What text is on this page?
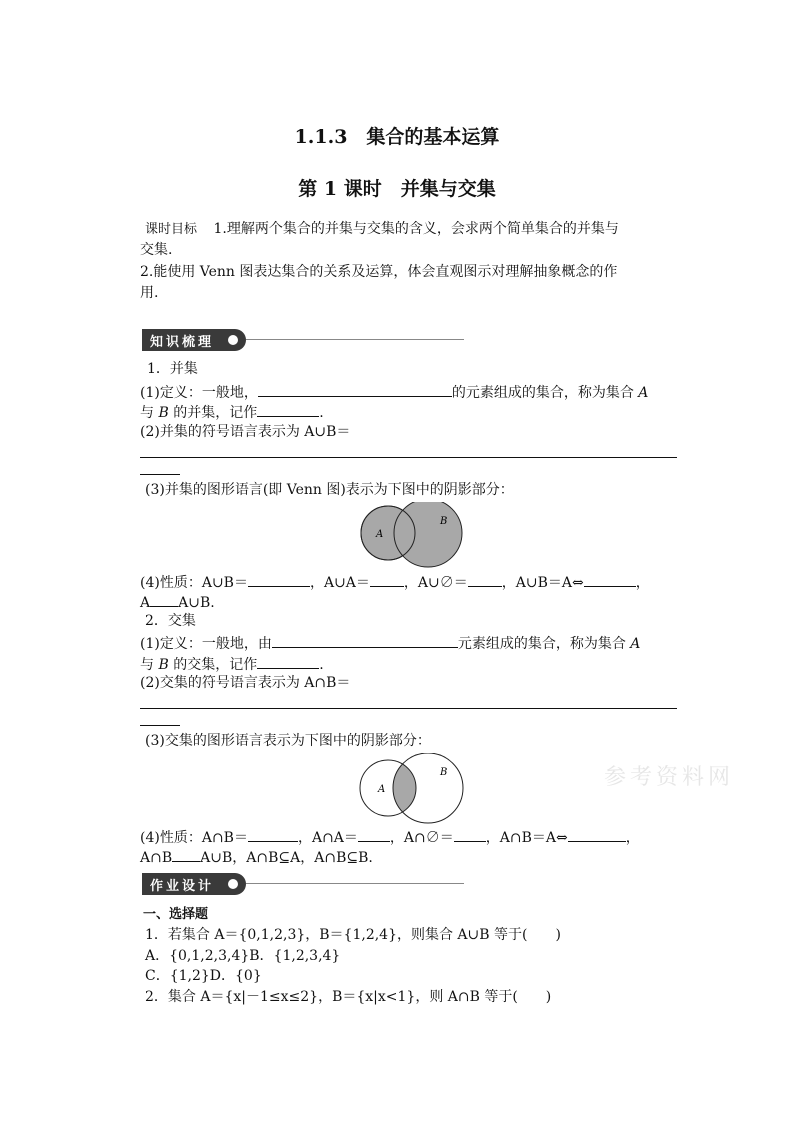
1.1.3　集合的基本运算
第 1 课时　并集与交集
课时目标 1.理解两个集合的并集与交集的含义，会求两个简单集合的并集与
交集.
2.能使用 Venn 图表达集合的关系及运算，体会直观图示对理解抽象概念的作
用.
知识梳理
1．并集
(1)定义：一般地，	的元素组成的集合，称为集合 A
与 B 的并集，记作	.
(2)并集的符号语言表示为 A∪B＝
(3)并集的图形语言(即 Venn 图)表示为下图中的阴影部分：
A
B
(4)性质：A∪B＝	，A∪A＝ ，A∪∅＝ ，A∪B＝A⇔	，
A A∪B.
2．交集
(1)定义：一般地，由	元素组成的集合，称为集合 A
与 B 的交集，记作	.
(2)交集的符号语言表示为 A∩B＝
(3)交集的图形语言表示为下图中的阴影部分：
A
B
(4)性质：A∩B＝	，A∩A＝ ，A∩∅＝ ，A∩B＝A⇔	，
A∩B A∪B，A∩B⊆A，A∩B⊆B.
参考资料网
作业设计
一、选择题
1．若集合 A＝{0,1,2,3}，B＝{1,2,4}，则集合 A∪B 等于(　　)
A．{0,1,2,3,4}B．{1,2,3,4}
C．{1,2}D．{0}
2．集合 A＝{x|－1≤x≤2}，B＝{x|x<1}，则 A∩B 等于(　　)
